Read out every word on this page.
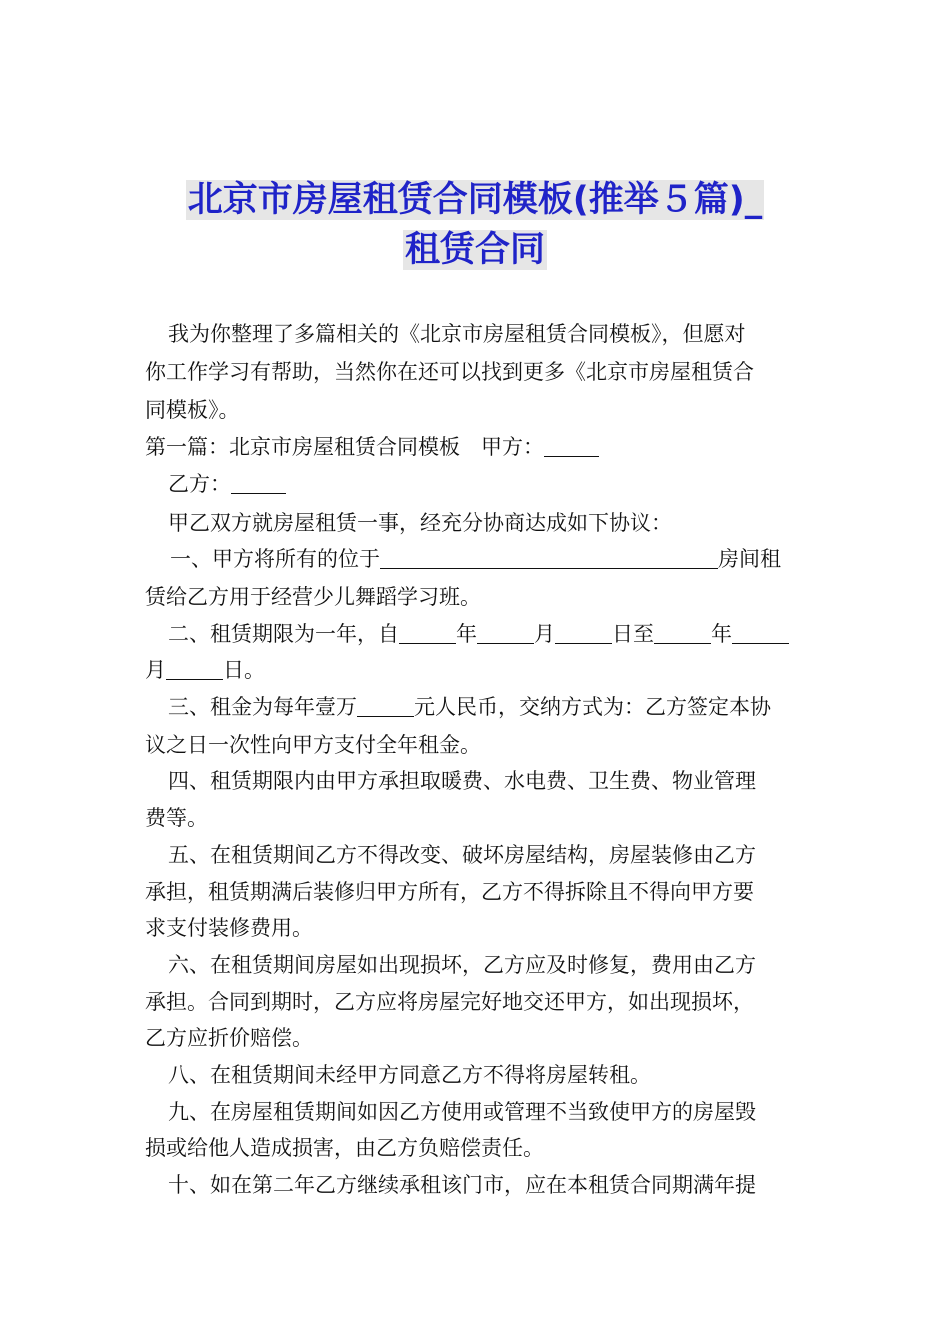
北京市房屋租赁合同模板(推举５篇)_
租赁合同
我为你整理了多篇相关的《北京市房屋租赁合同模板》，但愿对
你工作学习有帮助，当然你在还可以找到更多《北京市房屋租赁合
同模板》。
第一篇：北京市房屋租赁合同模板　甲方：
乙方：
甲乙双方就房屋租赁一事，经充分协商达成如下协议：
一、甲方将所有的位于	房间租
赁给乙方用于经营少儿舞蹈学习班。
二、租赁期限为一年，自	年	月	日至	年
月	日。
三、租金为每年壹万	元人民币，交纳方式为：乙方签定本协
议之日一次性向甲方支付全年租金。
四、租赁期限内由甲方承担取暖费、水电费、卫生费、物业管理
费等。
五、在租赁期间乙方不得改变、破坏房屋结构，房屋装修由乙方
承担，租赁期满后装修归甲方所有，乙方不得拆除且不得向甲方要
求支付装修费用。
六、在租赁期间房屋如出现损坏，乙方应及时修复，费用由乙方
承担。合同到期时，乙方应将房屋完好地交还甲方，如出现损坏，
乙方应折价赔偿。
八、在租赁期间未经甲方同意乙方不得将房屋转租。
九、在房屋租赁期间如因乙方使用或管理不当致使甲方的房屋毁
损或给他人造成损害，由乙方负赔偿责任。
十、如在第二年乙方继续承租该门市，应在本租赁合同期满年提
